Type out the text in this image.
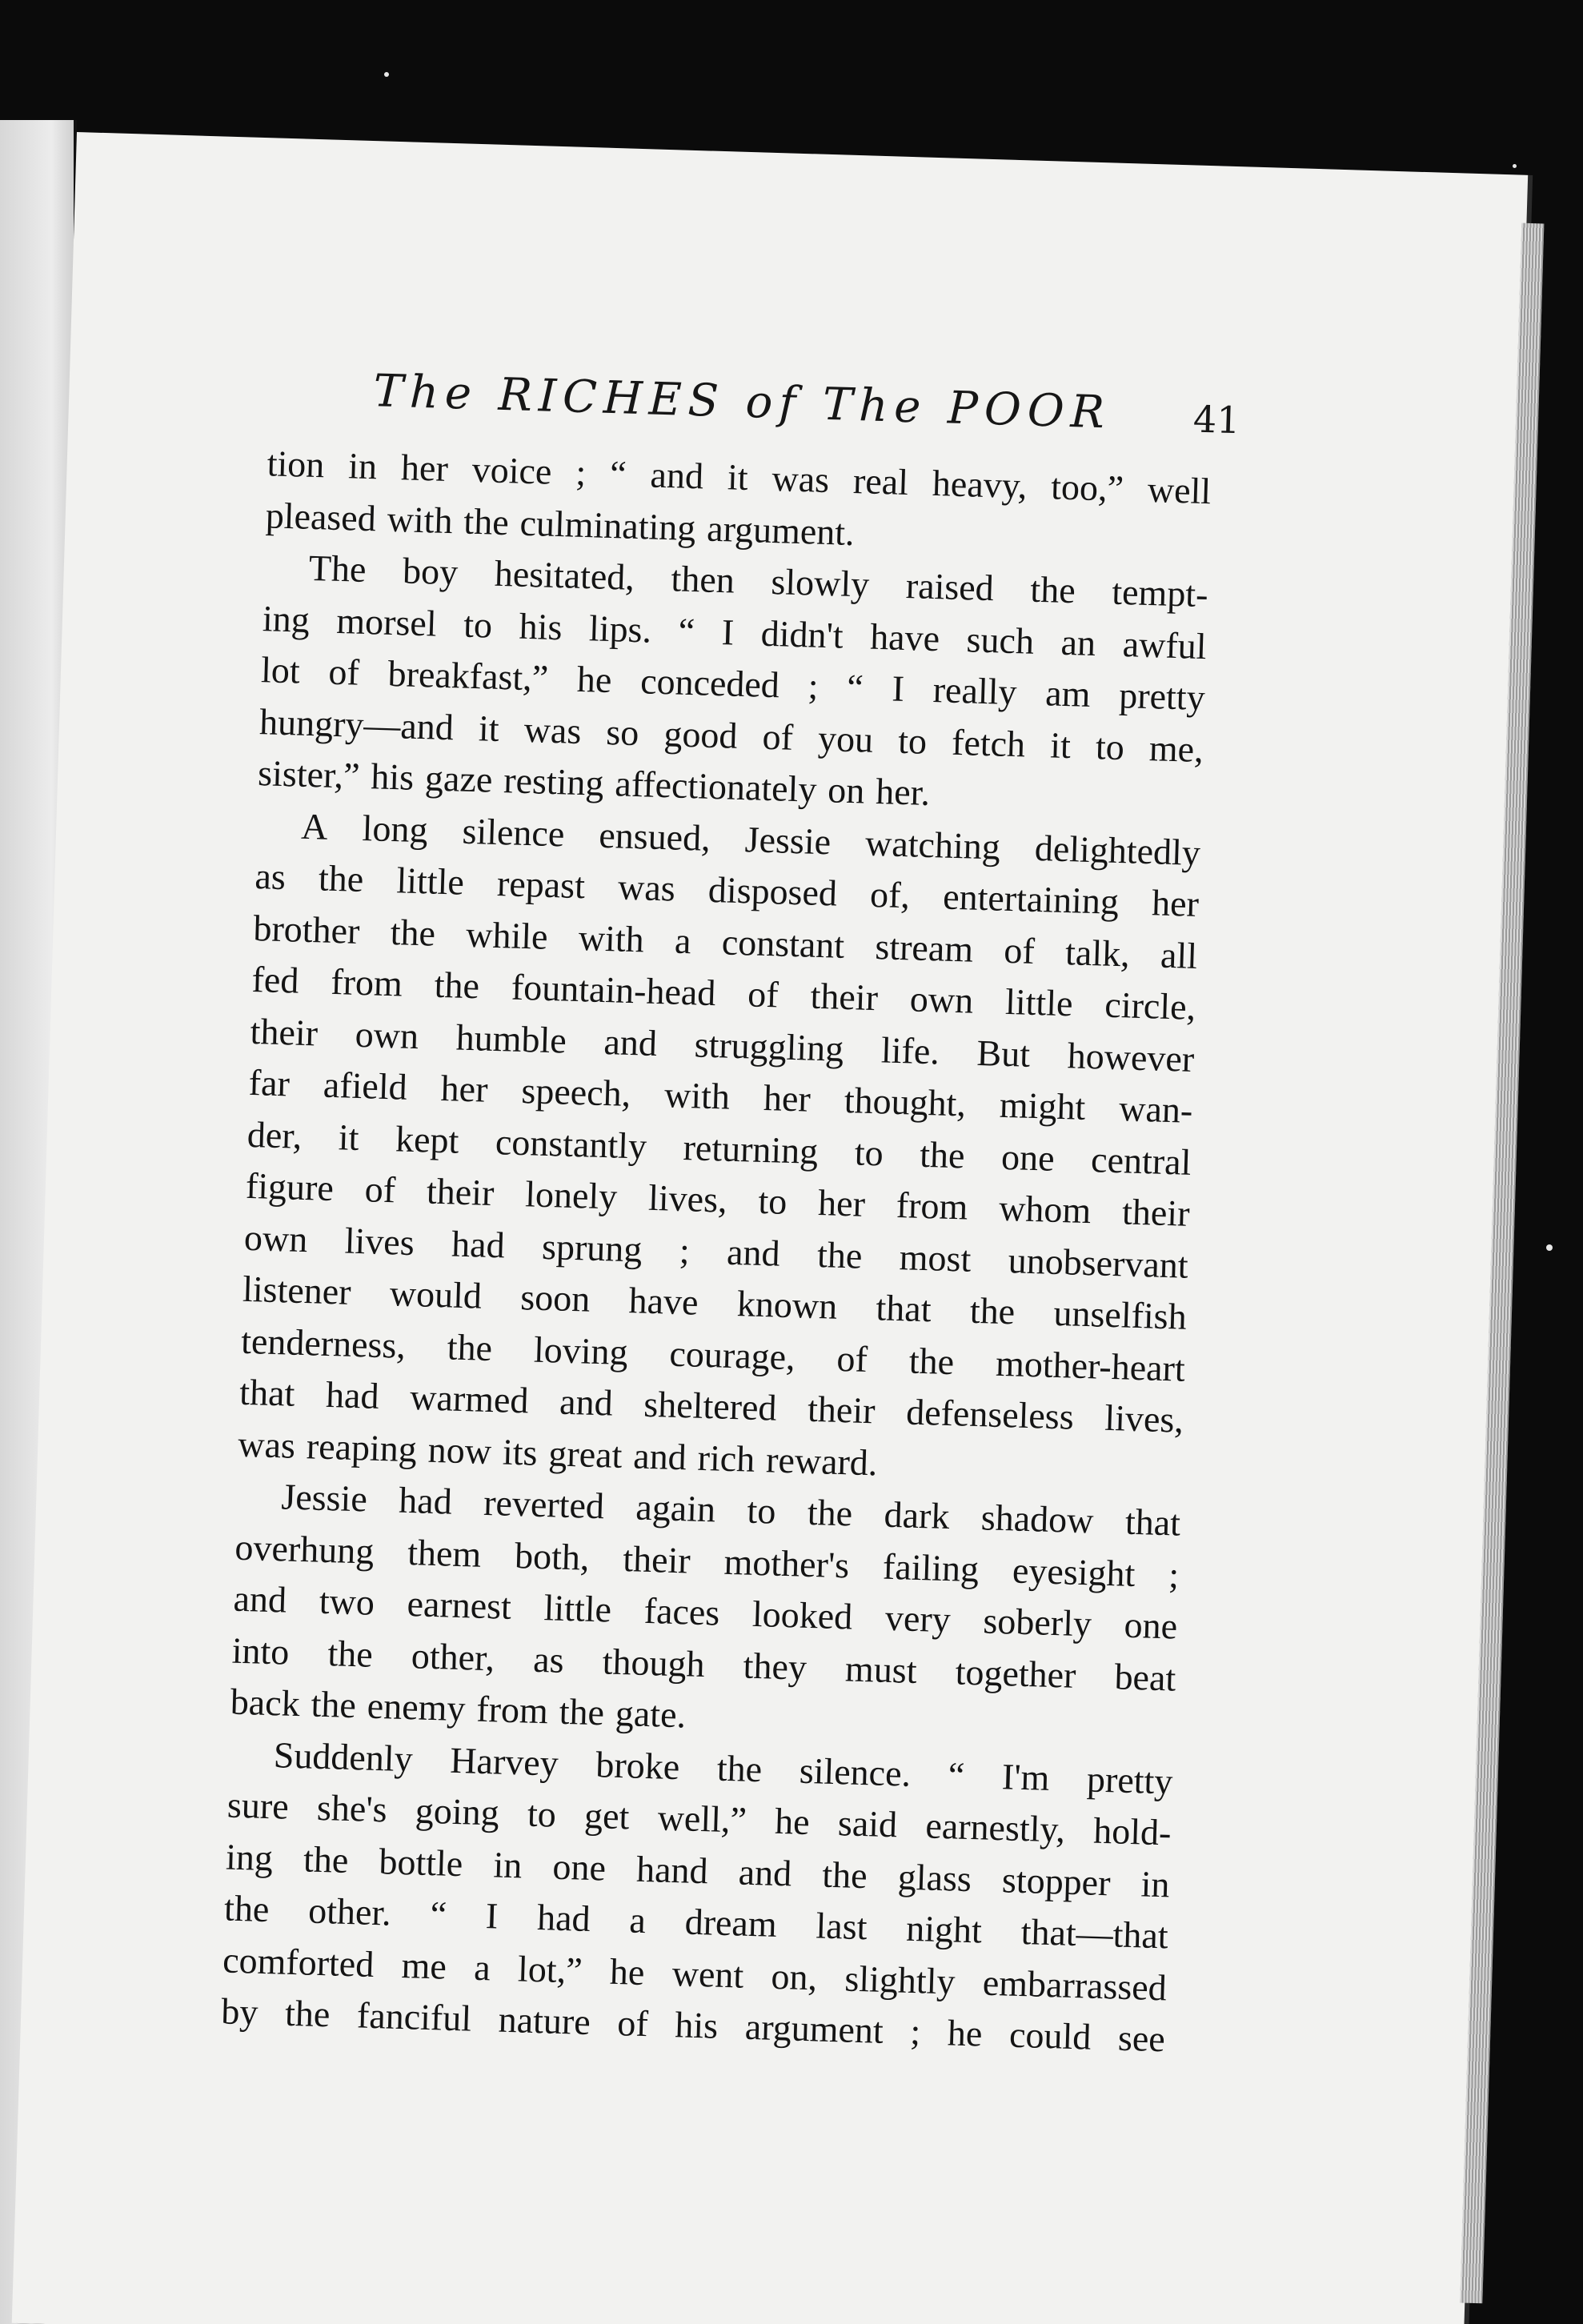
The RICHES of The POOR	41
tion in her voice ; “ and it was real heavy, too,” well
pleased with the culminating argument.
The boy hesitated, then slowly raised the tempt-
ing morsel to his lips. “ I didn't have such an awful
lot of breakfast,” he conceded ; “ I really am pretty
hungry—and it was so good of you to fetch it to me,
sister,” his gaze resting affectionately on her.
A long silence ensued, Jessie watching delightedly
as the little repast was disposed of, entertaining her
brother the while with a constant stream of talk, all
fed from the fountain-head of their own little circle,
their own humble and struggling life. But however
far afield her speech, with her thought, might wan-
der, it kept constantly returning to the one central
figure of their lonely lives, to her from whom their
own lives had sprung ; and the most unobservant
listener would soon have known that the unselfish
tenderness, the loving courage, of the mother-heart
that had warmed and sheltered their defenseless lives,
was reaping now its great and rich reward.
Jessie had reverted again to the dark shadow that
overhung them both, their mother's failing eyesight ;
and two earnest little faces looked very soberly one
into the other, as though they must together beat
back the enemy from the gate.
Suddenly Harvey broke the silence. “ I'm pretty
sure she's going to get well,” he said earnestly, hold-
ing the bottle in one hand and the glass stopper in
the other. “ I had a dream last night that—that
comforted me a lot,” he went on, slightly embarrassed
by the fanciful nature of his argument ; he could see
